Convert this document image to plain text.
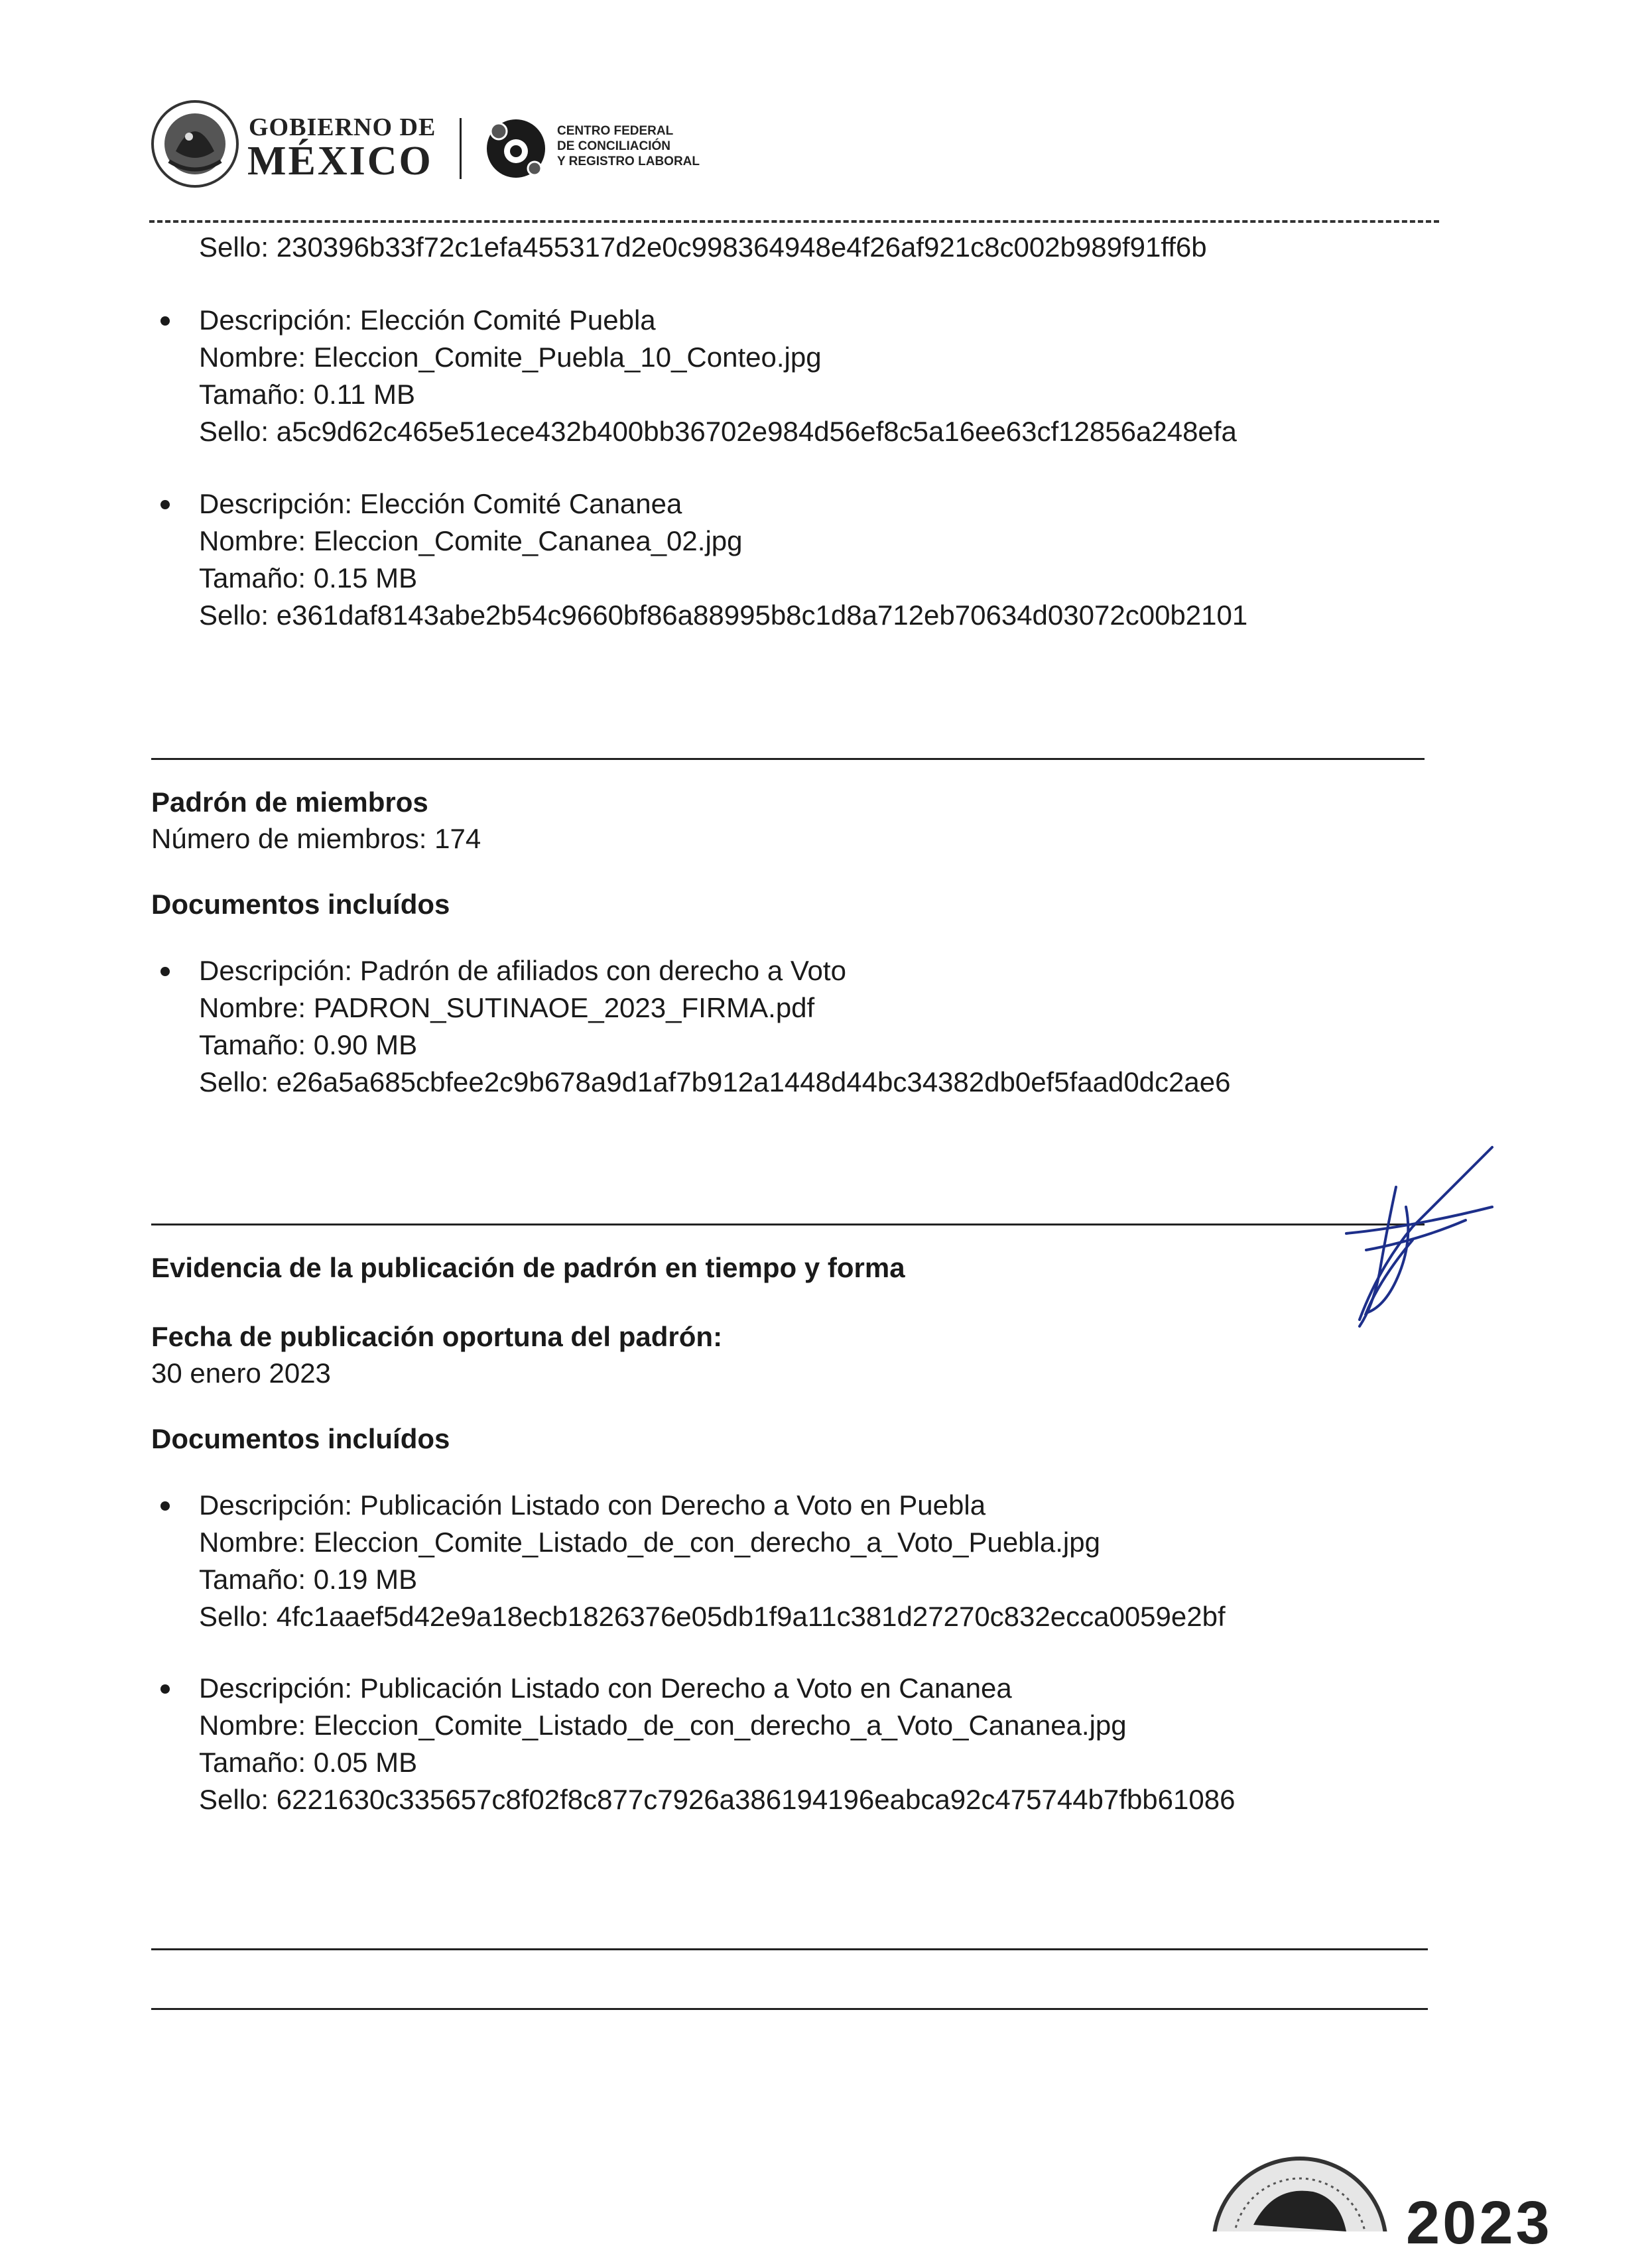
GOBIERNO DE
MÉXICO
CENTRO FEDERAL
DE CONCILIACIÓN
Y REGISTRO LABORAL
Sello: 230396b33f72c1efa455317d2e0c998364948e4f26af921c8c002b989f91ff6b
Descripción: Elección Comité Puebla
Nombre: Eleccion_Comite_Puebla_10_Conteo.jpg
Tamaño: 0.11 MB
Sello: a5c9d62c465e51ece432b400bb36702e984d56ef8c5a16ee63cf12856a248efa
Descripción: Elección Comité Cananea
Nombre: Eleccion_Comite_Cananea_02.jpg
Tamaño: 0.15 MB
Sello: e361daf8143abe2b54c9660bf86a88995b8c1d8a712eb70634d03072c00b2101
Padrón de miembros
Número de miembros: 174
Documentos incluídos
Descripción: Padrón de afiliados con derecho a Voto
Nombre: PADRON_SUTINAOE_2023_FIRMA.pdf
Tamaño: 0.90 MB
Sello: e26a5a685cbfee2c9b678a9d1af7b912a1448d44bc34382db0ef5faad0dc2ae6
Evidencia de la publicación de padrón en tiempo y forma
Fecha de publicación oportuna del padrón:
30 enero 2023
Documentos incluídos
Descripción: Publicación Listado con Derecho a Voto en Puebla
Nombre: Eleccion_Comite_Listado_de_con_derecho_a_Voto_Puebla.jpg
Tamaño: 0.19 MB
Sello: 4fc1aaef5d42e9a18ecb1826376e05db1f9a11c381d27270c832ecca0059e2bf
Descripción: Publicación Listado con Derecho a Voto en Cananea
Nombre: Eleccion_Comite_Listado_de_con_derecho_a_Voto_Cananea.jpg
Tamaño: 0.05 MB
Sello: 6221630c335657c8f02f8c877c7926a386194196eabca92c475744b7fbb61086
2023
